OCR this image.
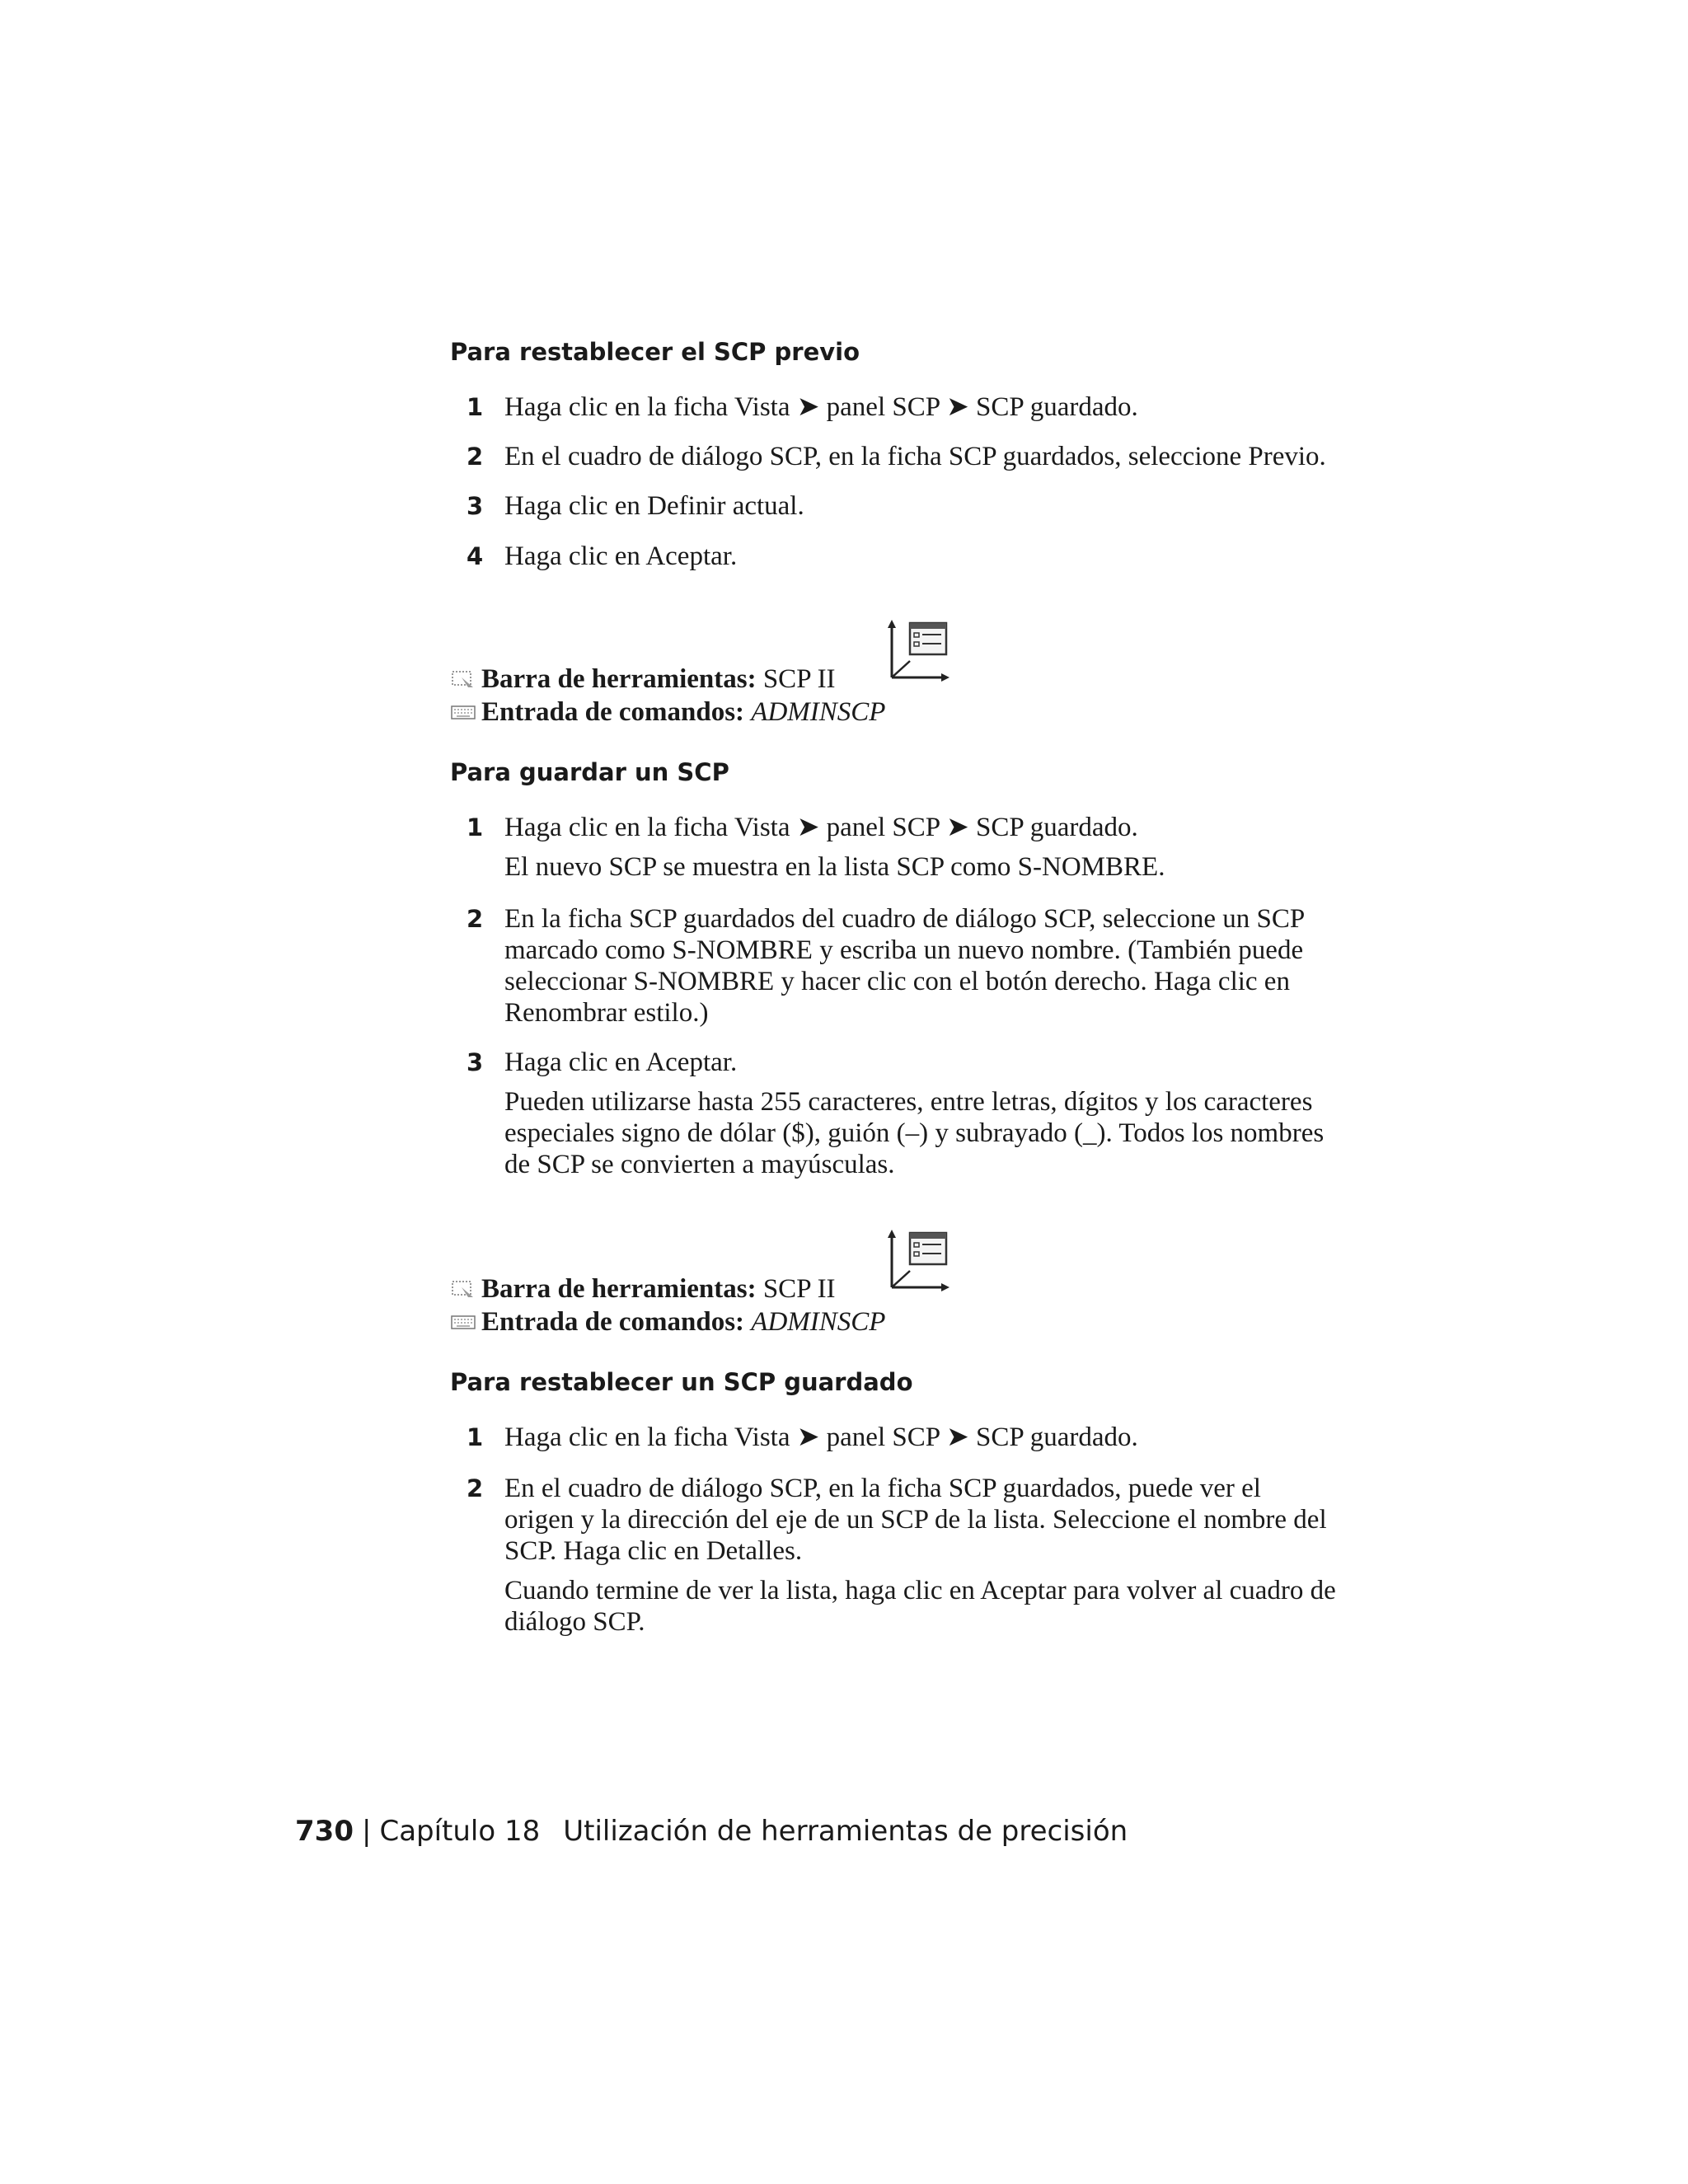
Para restablecer el SCP previo
1 Haga clic en la ficha Vista ➤ panel SCP ➤ SCP guardado.
2 En el cuadro de diálogo SCP, en la ficha SCP guardados, seleccione Previo.
3 Haga clic en Definir actual.
4 Haga clic en Aceptar.
Barra de herramientas: SCP II
Entrada de comandos: ADMINSCP
Para guardar un SCP
1 Haga clic en la ficha Vista ➤ panel SCP ➤ SCP guardado.
El nuevo SCP se muestra en la lista SCP como S-NOMBRE.
2 En la ficha SCP guardados del cuadro de diálogo SCP, seleccione un SCP marcado como S-NOMBRE y escriba un nuevo nombre. (También puede seleccionar S-NOMBRE y hacer clic con el botón derecho. Haga clic en Renombrar estilo.)
3 Haga clic en Aceptar.
Pueden utilizarse hasta 255 caracteres, entre letras, dígitos y los caracteres especiales signo de dólar ($), guión (–) y subrayado (_). Todos los nombres de SCP se convierten a mayúsculas.
Barra de herramientas: SCP II
Entrada de comandos: ADMINSCP
Para restablecer un SCP guardado
1 Haga clic en la ficha Vista ➤ panel SCP ➤ SCP guardado.
2 En el cuadro de diálogo SCP, en la ficha SCP guardados, puede ver el origen y la dirección del eje de un SCP de la lista. Seleccione el nombre del SCP. Haga clic en Detalles.
Cuando termine de ver la lista, haga clic en Aceptar para volver al cuadro de diálogo SCP.
730 | Capítulo 18 Utilización de herramientas de precisión
